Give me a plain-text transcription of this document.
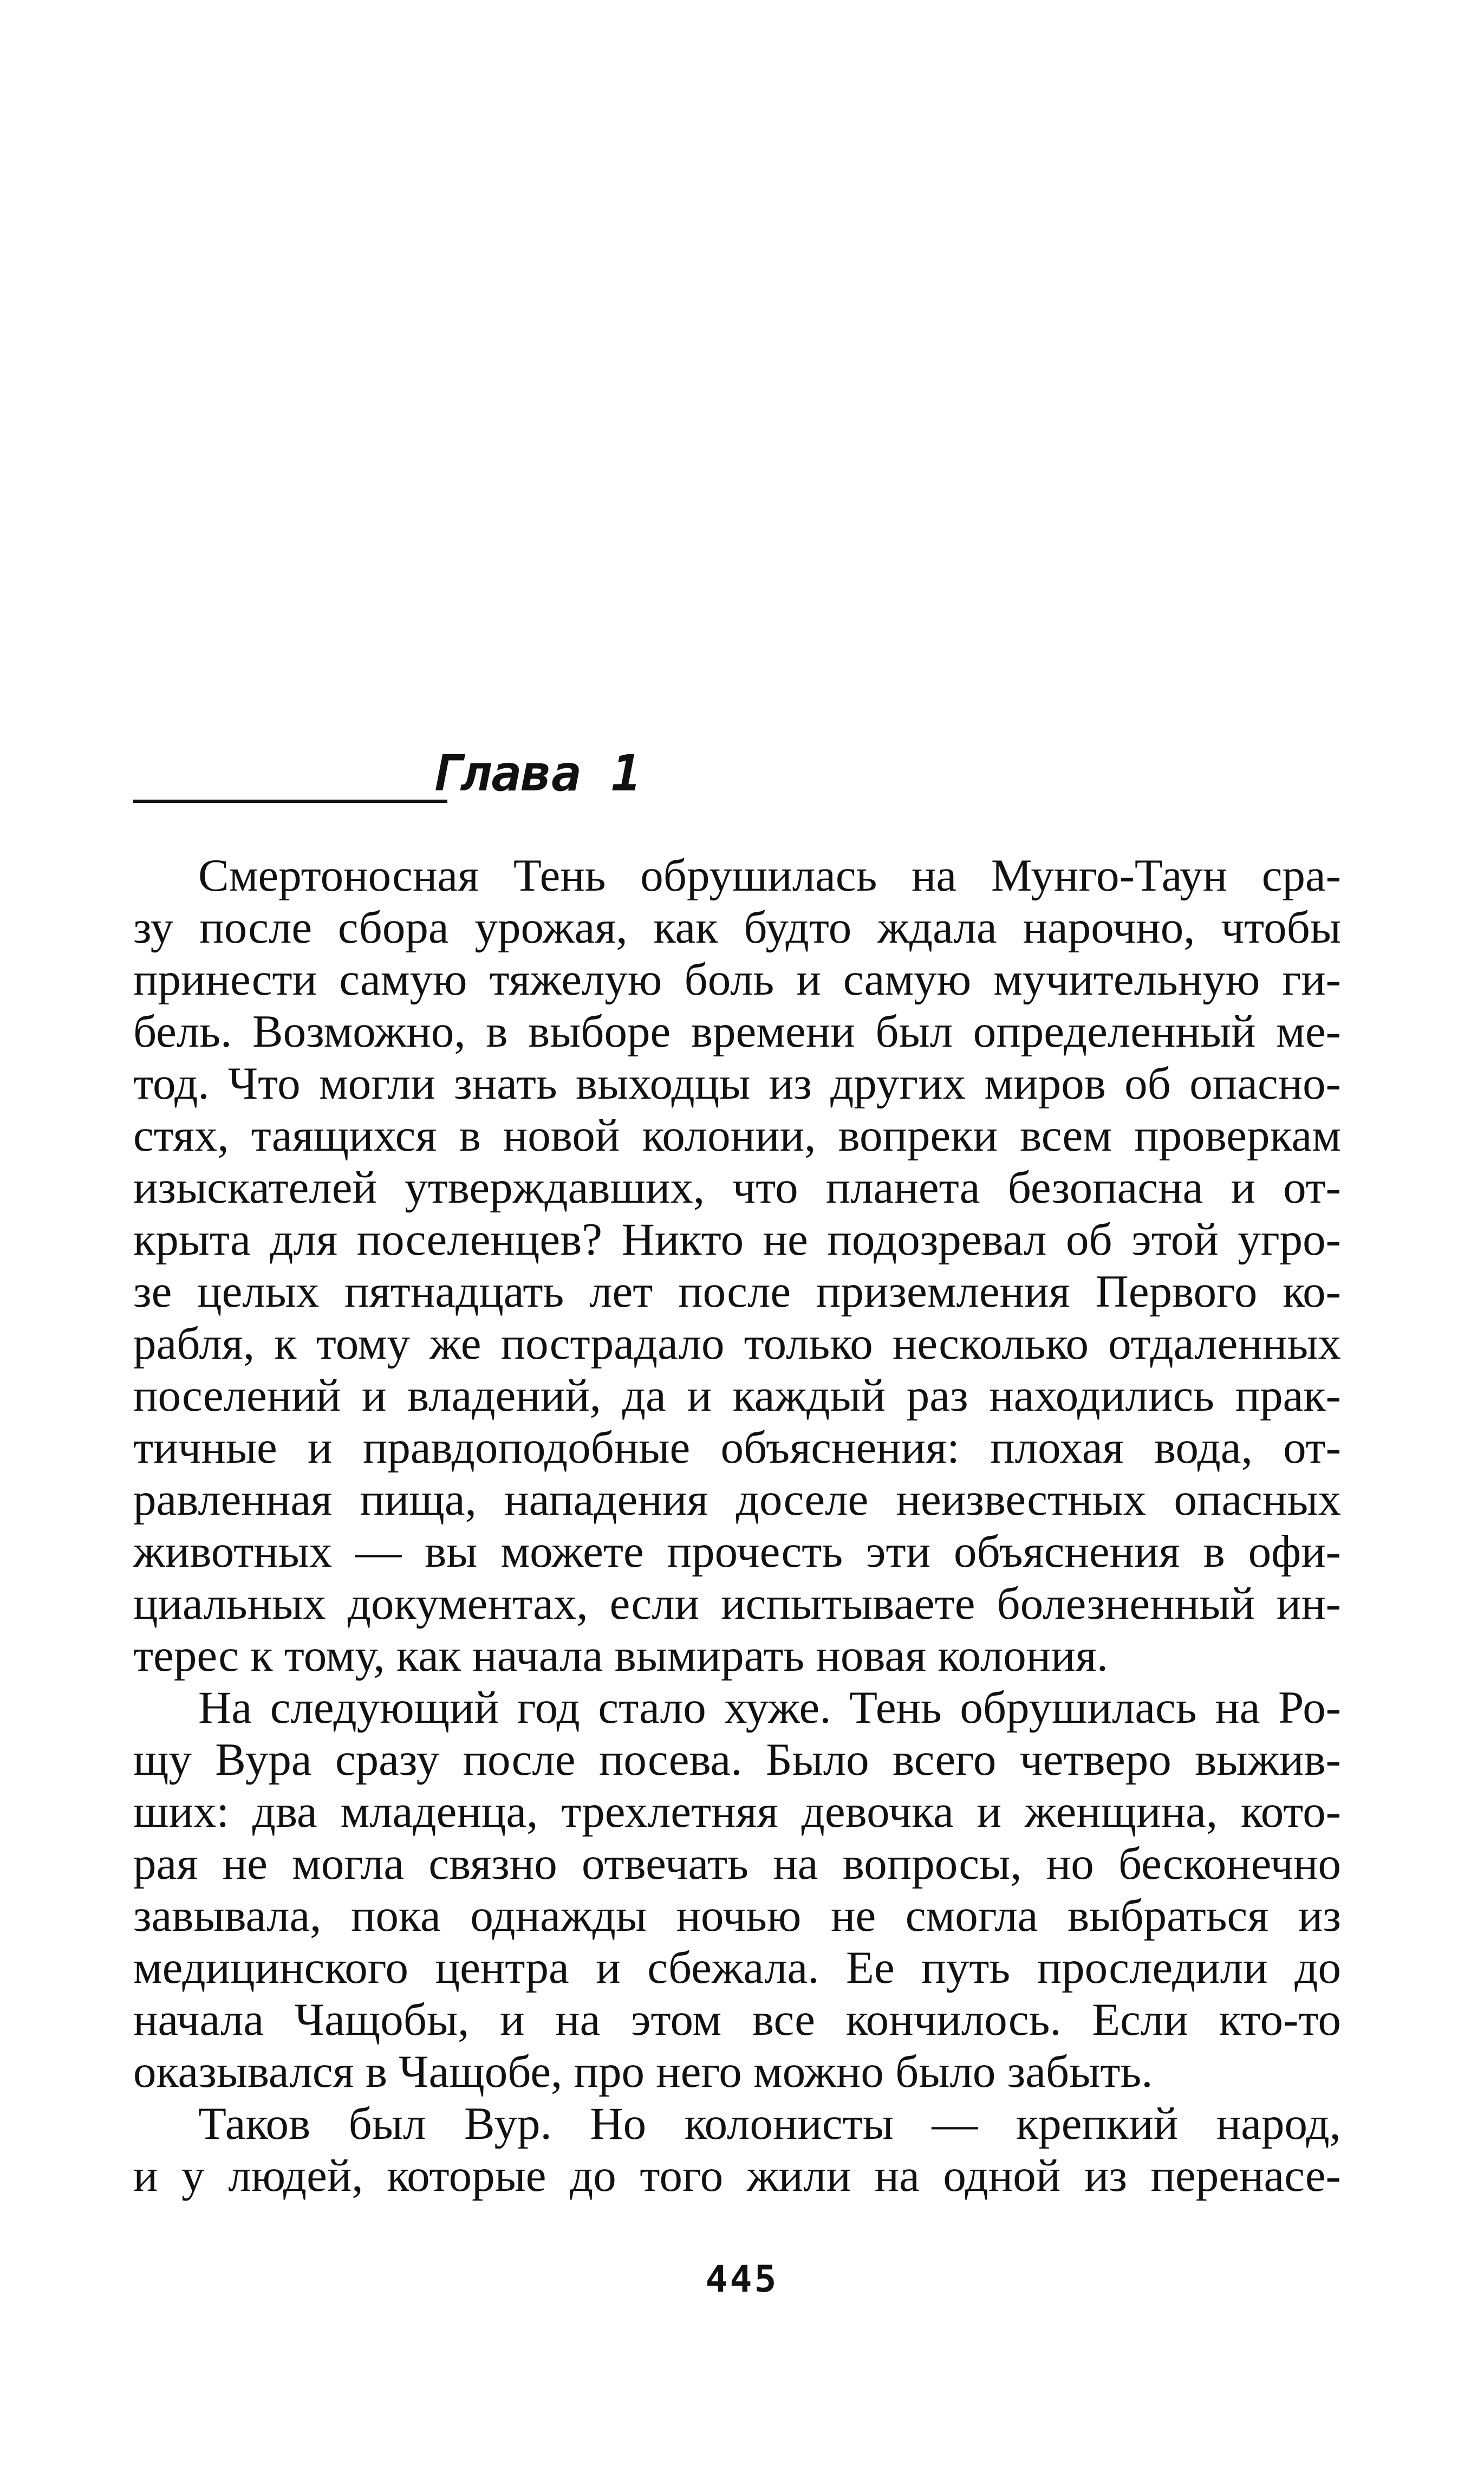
Глава 1
Смертоносная Тень обрушилась на Мунго-Таун сра-
зу после сбора урожая, как будто ждала нарочно, чтобы
принести самую тяжелую боль и самую мучительную ги-
бель. Возможно, в выборе времени был определенный ме-
тод. Что могли знать выходцы из других миров об опасно-
стях, таящихся в новой колонии, вопреки всем проверкам
изыскателей утверждавших, что планета безопасна и от-
крыта для поселенцев? Никто не подозревал об этой угро-
зе целых пятнадцать лет после приземления Первого ко-
рабля, к тому же пострадало только несколько отдаленных
поселений и владений, да и каждый раз находились прак-
тичные и правдоподобные объяснения: плохая вода, от-
равленная пища, нападения доселе неизвестных опасных
животных — вы можете прочесть эти объяснения в офи-
циальных документах, если испытываете болезненный ин-
терес к тому, как начала вымирать новая колония.
На следующий год стало хуже. Тень обрушилась на Ро-
щу Вура сразу после посева. Было всего четверо выжив-
ших: два младенца, трехлетняя девочка и женщина, кото-
рая не могла связно отвечать на вопросы, но бесконечно
завывала, пока однажды ночью не смогла выбраться из
медицинского центра и сбежала. Ее путь проследили до
начала Чащобы, и на этом все кончилось. Если кто-то
оказывался в Чащобе, про него можно было забыть.
Таков был Вур. Но колонисты — крепкий народ,
и у людей, которые до того жили на одной из перенасе-
445
